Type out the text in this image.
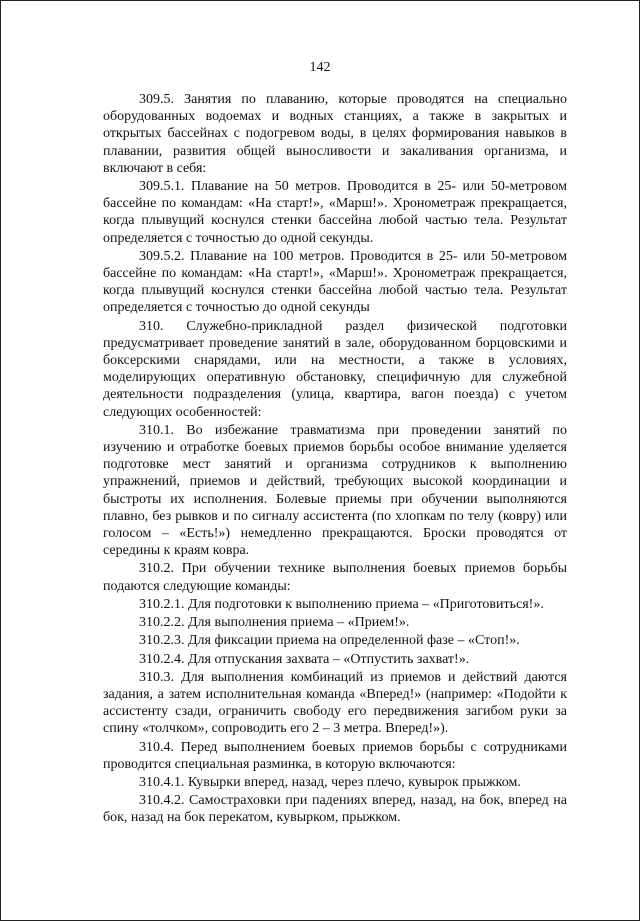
142

309.5. Занятия по плаванию, которые проводятся на специально оборудованных водоемах и водных станциях, а также в закрытых и открытых бассейнах с подогревом воды, в целях формирования навыков в плавании, развития общей выносливости и закаливания организма, и включают в себя:

309.5.1. Плавание на 50 метров. Проводится в 25- или 50-метровом бассейне по командам: «На старт!», «Марш!». Хронометраж прекращается, когда плывущий коснулся стенки бассейна любой частью тела. Результат определяется с точностью до одной секунды.

309.5.2. Плавание на 100 метров. Проводится в 25- или 50-метровом бассейне по командам: «На старт!», «Марш!». Хронометраж прекращается, когда плывущий коснулся стенки бассейна любой частью тела. Результат определяется с точностью до одной секунды

310. Служебно-прикладной раздел физической подготовки предусматривает проведение занятий в зале, оборудованном борцовскими и боксерскими снарядами, или на местности, а также в условиях, моделирующих оперативную обстановку, специфичную для служебной деятельности подразделения (улица, квартира, вагон поезда) с учетом следующих особенностей:

310.1. Во избежание травматизма при проведении занятий по изучению и отработке боевых приемов борьбы особое внимание уделяется подготовке мест занятий и организма сотрудников к выполнению упражнений, приемов и действий, требующих высокой координации и быстроты их исполнения. Болевые приемы при обучении выполняются плавно, без рывков и по сигналу ассистента (по хлопкам по телу (ковру) или голосом – «Есть!») немедленно прекращаются. Броски проводятся от середины к краям ковра.

310.2. При обучении технике выполнения боевых приемов борьбы подаются следующие команды:

310.2.1. Для подготовки к выполнению приема – «Приготовиться!».

310.2.2. Для выполнения приема – «Прием!».

310.2.3. Для фиксации приема на определенной фазе – «Стоп!».

310.2.4. Для отпускания захвата – «Отпустить захват!».

310.3. Для выполнения комбинаций из приемов и действий даются задания, а затем исполнительная команда «Вперед!» (например: «Подойти к ассистенту сзади, ограничить свободу его передвижения загибом руки за спину «толчком», сопроводить его 2 – 3 метра. Вперед!»).

310.4. Перед выполнением боевых приемов борьбы с сотрудниками проводится специальная разминка, в которую включаются:

310.4.1. Кувырки вперед, назад, через плечо, кувырок прыжком.

310.4.2. Самостраховки при падениях вперед, назад, на бок, вперед на бок, назад на бок перекатом, кувырком, прыжком.
